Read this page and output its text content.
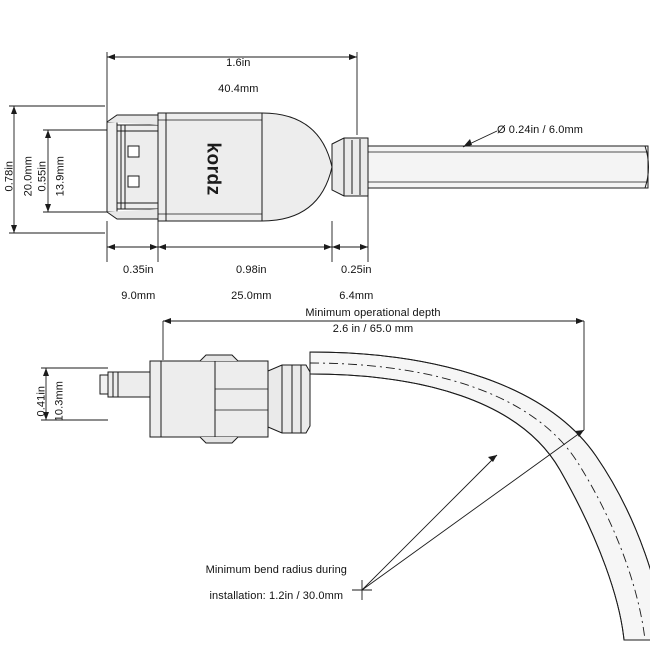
1.6in

40.4mm

Ø 0.24in / 6.0mm

0.78in
20.0mm
0.55in
13.9mm
	kordz

0.35in

9.0mm

0.98in

25.0mm

0.25in

6.4mm

Minimum operational depth
2.6 in / 65.0 mm

0.41in
10.3mm

Minimum bend radius during

installation: 1.2in / 30.0mm
